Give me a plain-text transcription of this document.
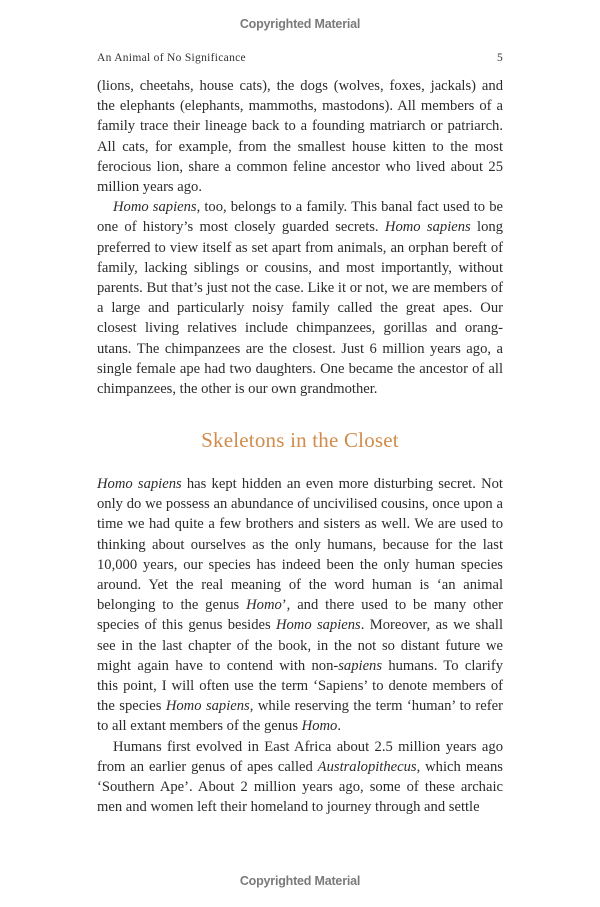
Copyrighted Material
An Animal of No Significance	5

(lions, cheetahs, house cats), the dogs (wolves, foxes, jackals) and the elephants (elephants, mammoths, mastodons). All members of a family trace their lineage back to a founding matriarch or patriarch. All cats, for example, from the smallest house kitten to the most ferocious lion, share a common feline ancestor who lived about 25 million years ago.

Homo sapiens, too, belongs to a family. This banal fact used to be one of history’s most closely guarded secrets. Homo sapiens long preferred to view itself as set apart from animals, an orphan bereft of family, lacking siblings or cousins, and most importantly, without parents. But that’s just not the case. Like it or not, we are members of a large and particularly noisy family called the great apes. Our closest living relatives include chimpanzees, gorillas and orang-utans. The chimpanzees are the closest. Just 6 million years ago, a single female ape had two daughters. One became the ancestor of all chimpanzees, the other is our own grandmother.

Skeletons in the Closet

Homo sapiens has kept hidden an even more disturbing secret. Not only do we possess an abundance of uncivilised cousins, once upon a time we had quite a few brothers and sisters as well. We are used to thinking about ourselves as the only humans, because for the last 10,000 years, our species has indeed been the only human species around. Yet the real meaning of the word human is ‘an animal belonging to the genus Homo’, and there used to be many other species of this genus besides Homo sapiens. Moreover, as we shall see in the last chapter of the book, in the not so distant future we might again have to contend with non-sapiens humans. To clarify this point, I will often use the term ‘Sapiens’ to denote members of the species Homo sapiens, while reserving the term ‘human’ to refer to all extant members of the genus Homo.

Humans first evolved in East Africa about 2.5 million years ago from an earlier genus of apes called Australopithecus, which means ‘Southern Ape’. About 2 million years ago, some of these archaic men and women left their homeland to journey through and settle

Copyrighted Material
